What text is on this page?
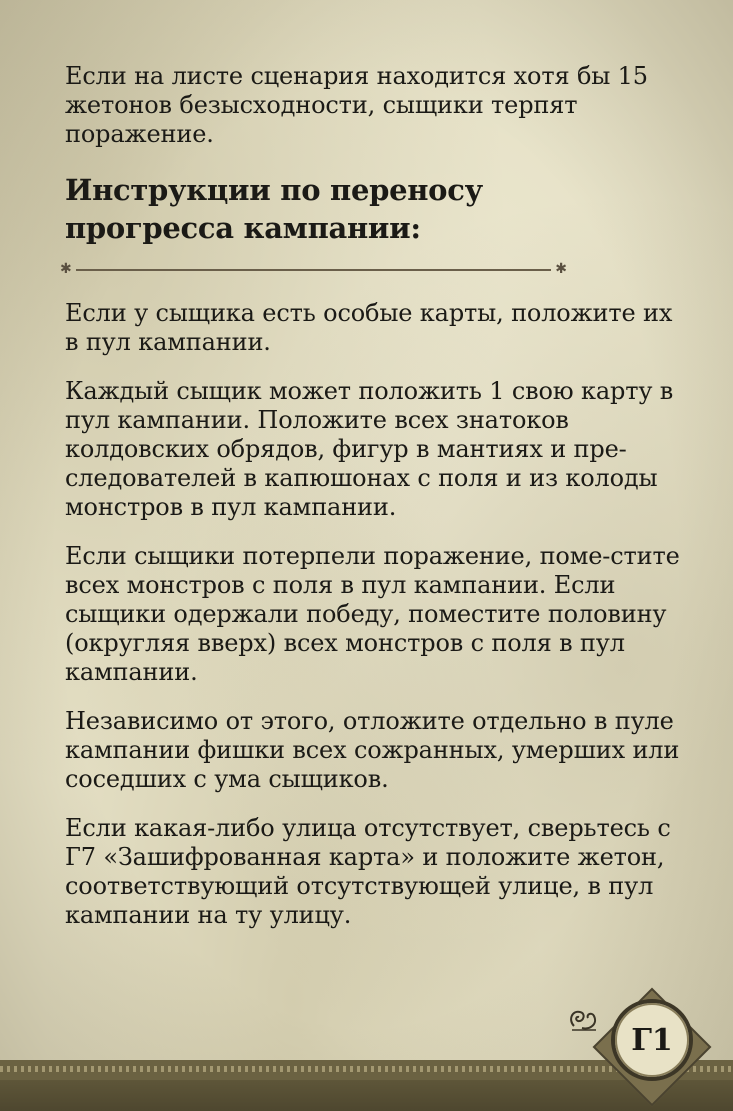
Если на листе сценария находится хотя бы 15 жетонов безысходности, сыщики терпят поражение.

Инструкции по переносу
прогресса кампании:
✱	✱

Если у сыщика есть особые карты, положите их в пул кампании.

Каждый сыщик может положить 1 свою карту в пул кампании. Положите всех знатоков колдовских обрядов, фигур в мантиях и пре-следователей в капюшонах с поля и из колоды монстров в пул кампании.

Если сыщики потерпели поражение, поме-стите всех монстров с поля в пул кампании. Если сыщики одержали победу, поместите половину (округляя вверх) всех монстров с поля в пул кампании.

Независимо от этого, отложите отдельно в пуле кампании фишки всех сожранных, умерших или соседших с ума сыщиков.

Если какая-либо улица отсутствует, сверьтесь с Г7 «Зашифрованная карта» и положите жетон, соответствующий отсутствующей улице, в пул кампании на ту улицу.

Г1
